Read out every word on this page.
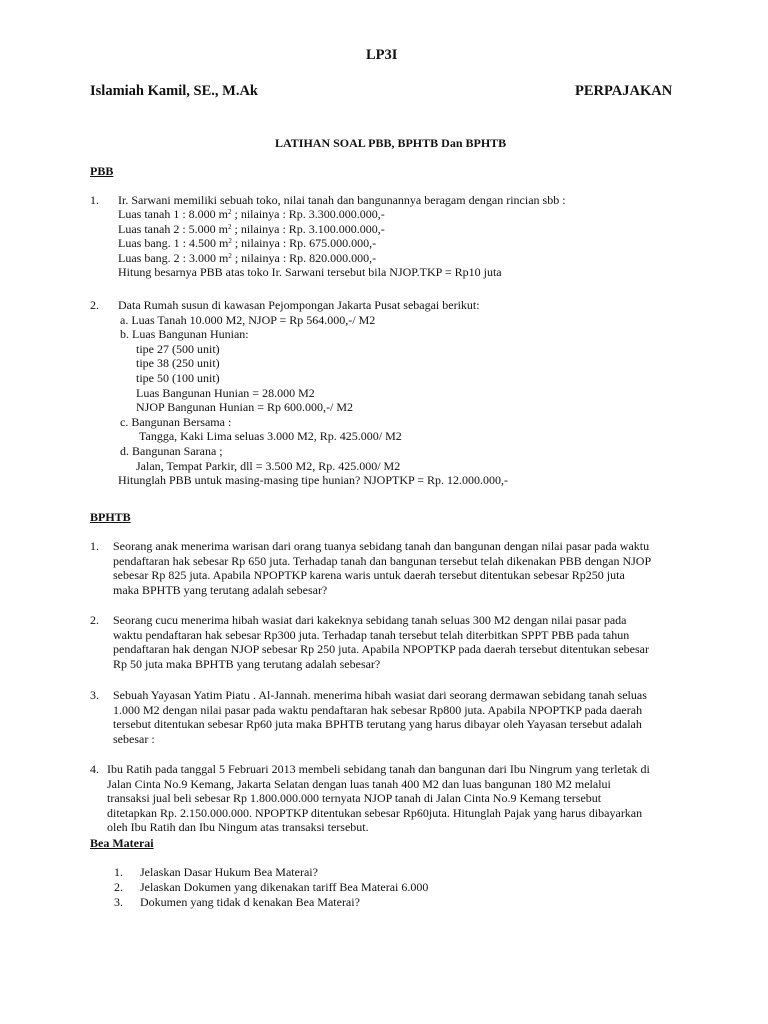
LP3I
Islamiah Kamil, SE., M.Ak	PERPAJAKAN
LATIHAN SOAL PBB, BPHTB Dan BPHTB
PBB
1. Ir. Sarwani memiliki sebuah toko, nilai tanah dan bangunannya beragam dengan rincian sbb :
Luas tanah 1 : 8.000 $m^2$ ; nilainya : Rp. 3.300.000.000,-
Luas tanah 2 : 5.000 $m^2$ ; nilainya : Rp. 3.100.000.000,-
Luas bang. 1 : 4.500 $m^2$ ; nilainya : Rp. 675.000.000,-
Luas bang. 2 : 3.000 $m^2$ ; nilainya : Rp. 820.000.000,-
Hitung besarnya PBB atas toko Ir. Sarwani tersebut bila NJOP.TKP = Rp10 juta
2. Data Rumah susun di kawasan Pejompongan Jakarta Pusat sebagai berikut:
a. Luas Tanah 10.000 M2, NJOP = Rp 564.000,-/ M2
b. Luas Bangunan Hunian:
tipe 27 (500 unit)
tipe 38 (250 unit)
tipe 50 (100 unit)
Luas Bangunan Hunian = 28.000 M2
NJOP Bangunan Hunian = Rp 600.000,-/ M2
c. Bangunan Bersama :
Tangga, Kaki Lima seluas 3.000 M2, Rp. 425.000/ M2
d. Bangunan Sarana ;
Jalan, Tempat Parkir, dll = 3.500 M2, Rp. 425.000/ M2
Hitunglah PBB untuk masing-masing tipe hunian? NJOPTKP = Rp. 12.000.000,-
BPHTB
1. Seorang anak menerima warisan dari orang tuanya sebidang tanah dan bangunan dengan nilai pasar pada waktu
pendaftaran hak sebesar Rp 650 juta. Terhadap tanah dan bangunan tersebut telah dikenakan PBB dengan NJOP
sebesar Rp 825 juta. Apabila NPOPTKP karena waris untuk daerah tersebut ditentukan sebesar Rp250 juta
maka BPHTB yang terutang adalah sebesar?
2. Seorang cucu menerima hibah wasiat dari kakeknya sebidang tanah seluas 300 M2 dengan nilai pasar pada
waktu pendaftaran hak sebesar Rp300 juta. Terhadap tanah tersebut telah diterbitkan SPPT PBB pada tahun
pendaftaran hak dengan NJOP sebesar Rp 250 juta. Apabila NPOPTKP pada daerah tersebut ditentukan sebesar
Rp 50 juta maka BPHTB yang terutang adalah sebesar?
3. Sebuah Yayasan Yatim Piatu . Al-Jannah. menerima hibah wasiat dari seorang dermawan sebidang tanah seluas
1.000 M2 dengan nilai pasar pada waktu pendaftaran hak sebesar Rp800 juta. Apabila NPOPTKP pada daerah
tersebut ditentukan sebesar Rp60 juta maka BPHTB terutang yang harus dibayar oleh Yayasan tersebut adalah
sebesar :
4. Ibu Ratih pada tanggal 5 Februari 2013 membeli sebidang tanah dan bangunan dari Ibu Ningrum yang terletak di
Jalan Cinta No.9 Kemang, Jakarta Selatan dengan luas tanah 400 M2 dan luas bangunan 180 M2 melalui
transaksi jual beli sebesar Rp 1.800.000.000 ternyata NJOP tanah di Jalan Cinta No.9 Kemang tersebut
ditetapkan Rp. 2.150.000.000. NPOPTKP ditentukan sebesar Rp60juta. Hitunglah Pajak yang harus dibayarkan
oleh Ibu Ratih dan Ibu Ningum atas transaksi tersebut.
Bea Materai
1. Jelaskan Dasar Hukum Bea Materai?
2. Jelaskan Dokumen yang dikenakan tariff Bea Materai 6.000
3. Dokumen yang tidak d kenakan Bea Materai?
